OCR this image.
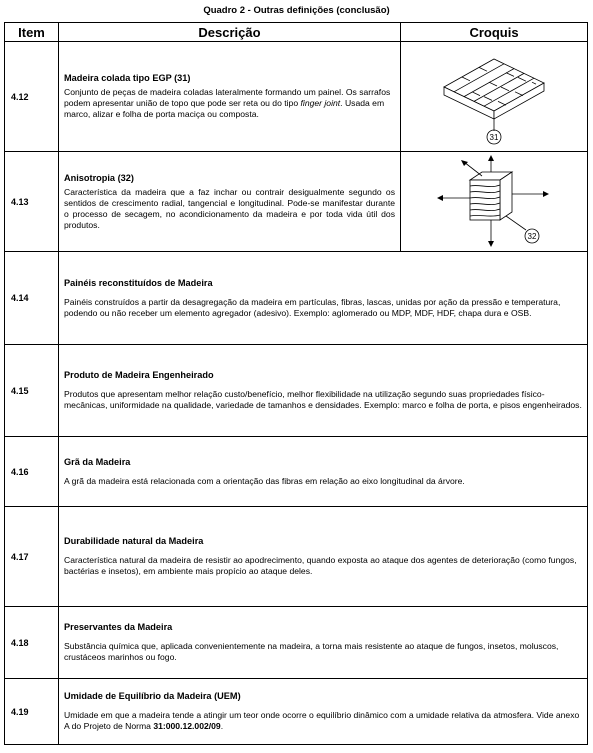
Quadro 2 - Outras definições (conclusão)
Item	Descrição	Croquis
4.12	Madeira colada tipo EGP (31)
Conjunto de peças de madeira coladas lateralmente formando um painel. Os sarrafos podem apresentar união de topo que pode ser reta ou do tipo finger joint. Usada em marco, alizar e folha de porta maciça ou composta.	31

4.13	Anisotropia (32)
Característica da madeira que a faz inchar ou contrair desigualmente segundo os sentidos de crescimento radial, tangencial e longitudinal. Pode-se manifestar durante o processo de secagem, no acondicionamento da madeira e por toda vida útil dos produtos.	32

4.14	Painéis reconstituídos de Madeira
Painéis construídos a partir da desagregação da madeira em partículas, fibras, lascas, unidas por ação da pressão e temperatura, podendo ou não receber um elemento agregador (adesivo). Exemplo: aglomerado ou MDP, MDF, HDF, chapa dura e OSB.	

4.15	Produto de Madeira Engenheirado
Produtos que apresentam melhor relação custo/benefício, melhor flexibilidade na utilização segundo suas propriedades físico-mecânicas, uniformidade na qualidade, variedade de tamanhos e densidades. Exemplo: marco e folha de porta, e pisos engenheirados.	

4.16	Grã da Madeira
A grã da madeira está relacionada com a orientação das fibras em relação ao eixo longitudinal da árvore.	

4.17	Durabilidade natural da Madeira
Característica natural da madeira de resistir ao apodrecimento, quando exposta ao ataque dos agentes de deterioração (como fungos, bactérias e insetos), em ambiente mais propício ao ataque deles.	

4.18	Preservantes da Madeira
Substância química que, aplicada convenientemente na madeira, a torna mais resistente ao ataque de fungos, insetos, moluscos, crustáceos marinhos ou fogo.	

4.19	Umidade de Equilíbrio da Madeira (UEM)
Umidade em que a madeira tende a atingir um teor onde ocorre o equilíbrio dinâmico com a umidade relativa da atmosfera. Vide anexo A do Projeto de Norma 31:000.12.002/09.	
